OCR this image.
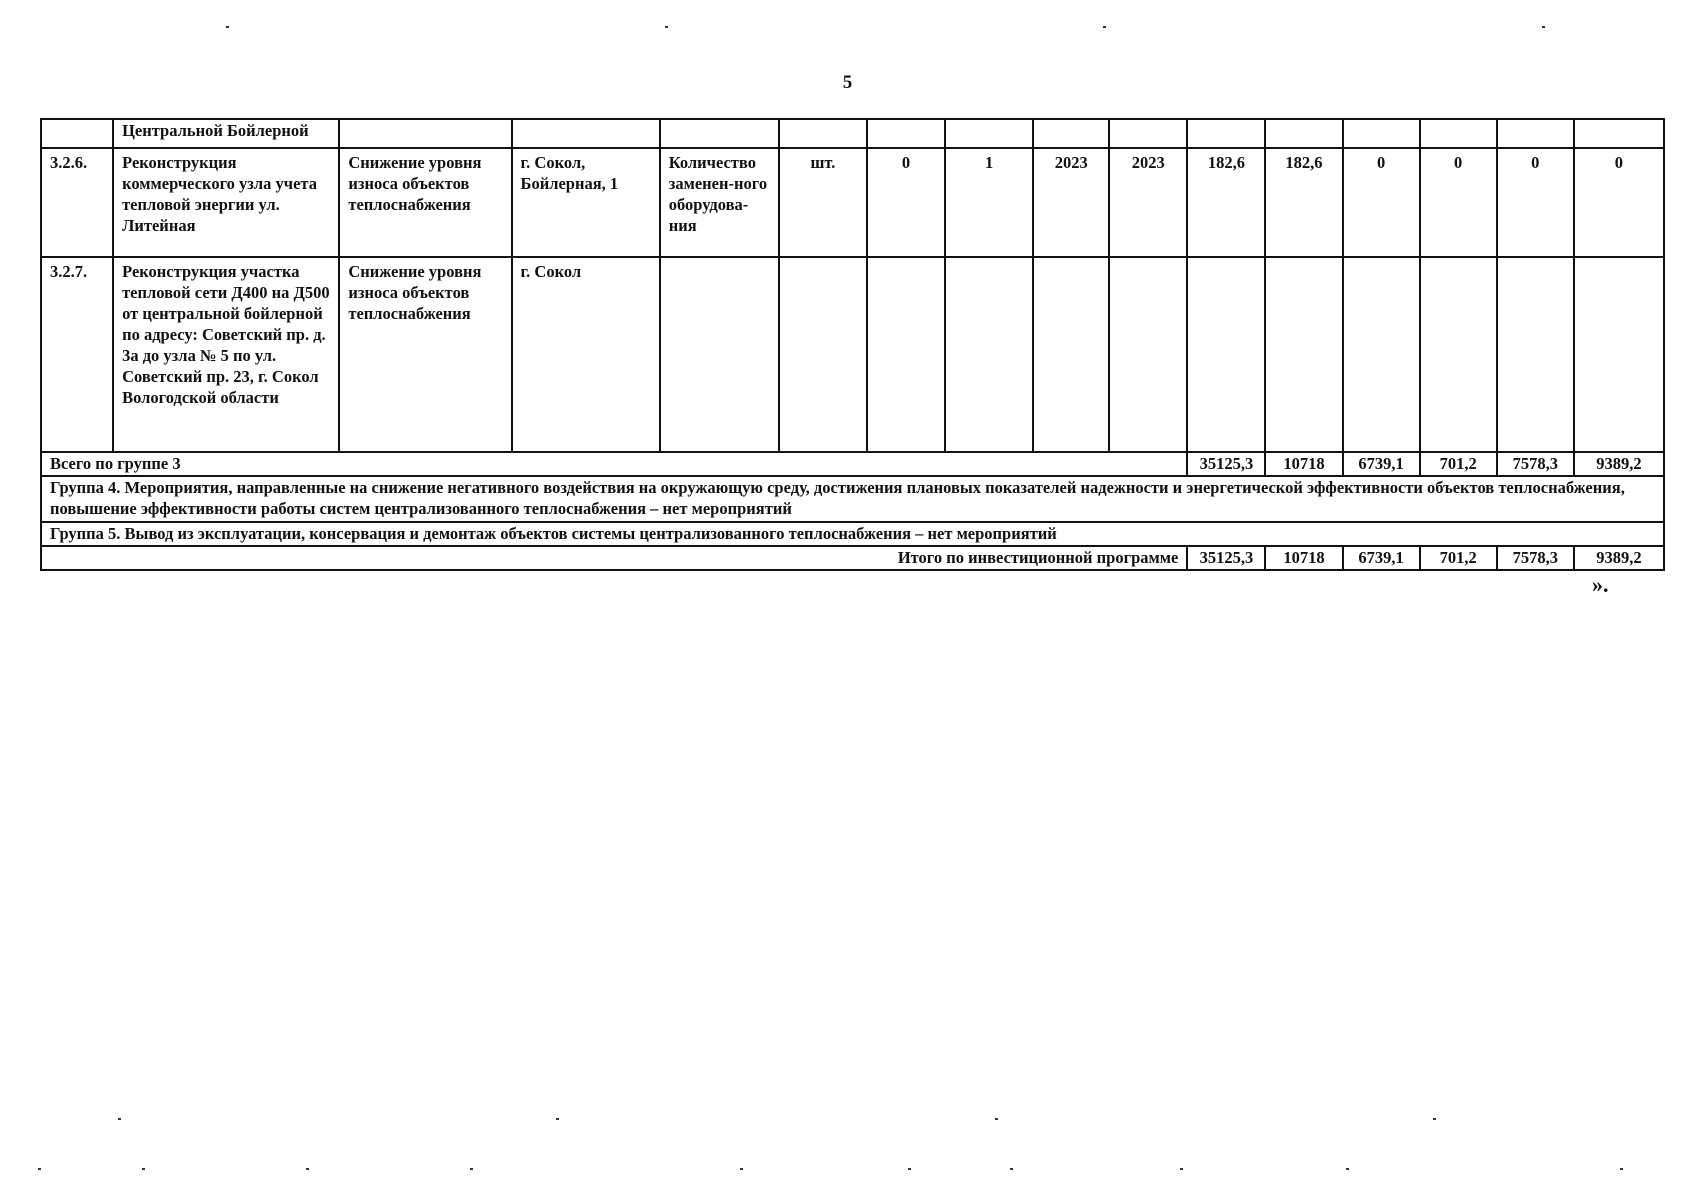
5
	Центральной Бойлерной														
3.2.6.	Реконструкция коммерческого узла учета тепловой энергии ул. Литейная	Снижение уровня износа объектов теплоснабжения	г. Сокол, Бойлерная, 1	Количество заменен-ного оборудова-ния	шт.	0	1	2023	2023	182,6	182,6	0	0	0	0
3.2.7.	Реконструкция участка тепловой сети Д400 на Д500 от центральной бойлерной по адресу: Советский пр. д. 3а до узла № 5 по ул. Советский пр. 23, г. Сокол Вологодской области	Снижение уровня износа объектов теплоснабжения	г. Сокол												
Всего по группе 3										35125,3	10718	6739,1	701,2	7578,3	9389,2
Группа 4. Мероприятия, направленные на снижение негативного воздействия на окружающую среду, достижения плановых показателей надежности и энергетической эффективности объектов теплоснабжения, повышение эффективности работы систем централизованного теплоснабжения – нет мероприятий															
Группа 5. Вывод из эксплуатации, консервация и демонтаж объектов системы централизованного теплоснабжения – нет мероприятий															
Итого по инвестиционной программе										35125,3	10718	6739,1	701,2	7578,3	9389,2
».
